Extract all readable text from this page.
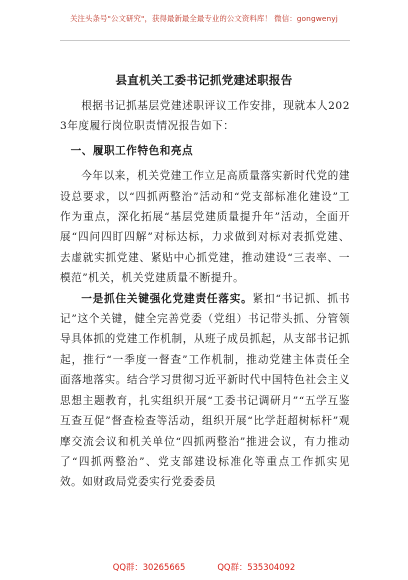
关注头条号"公文研究"，获得最新最全最专业的公文资料库！ 微信：gongwenyj
县直机关工委书记抓党建述职报告

根据书记抓基层党建述职评议工作安排，现就本人2023年度履行岗位职责情况报告如下：

一、履职工作特色和亮点

今年以来，机关党建工作立足高质量落实新时代党的建设总要求，以“四抓两整治”活动和“党支部标准化建设”工作为重点，深化拓展“基层党建质量提升年”活动，全面开展“四问四盯四解”对标达标，力求做到对标对表抓党建、去虚就实抓党建、紧贴中心抓党建，推动建设“三表率、一模范”机关，机关党建质量不断提升。

一是抓住关键强化党建责任落实。紧扣“书记抓、抓书记”这个关键，健全完善党委（党组）书记带头抓、分管领导具体抓的党建工作机制，从班子成员抓起，从支部书记抓起，推行“一季度一督查”工作机制，推动党建主体责任全面落地落实。结合学习贯彻习近平新时代中国特色社会主义思想主题教育，扎实组织开展“工委书记调研月”“五学互鉴互查互促”督查检查等活动，组织开展“比学赶超树标杆”观摩交流会议和机关单位“四抓两整治”推进会议，有力推动了“四抓两整治”、党支部建设标准化等重点工作抓实见效。如财政局党委实行党委委员

QQ群：30265665	QQ群：535304092
